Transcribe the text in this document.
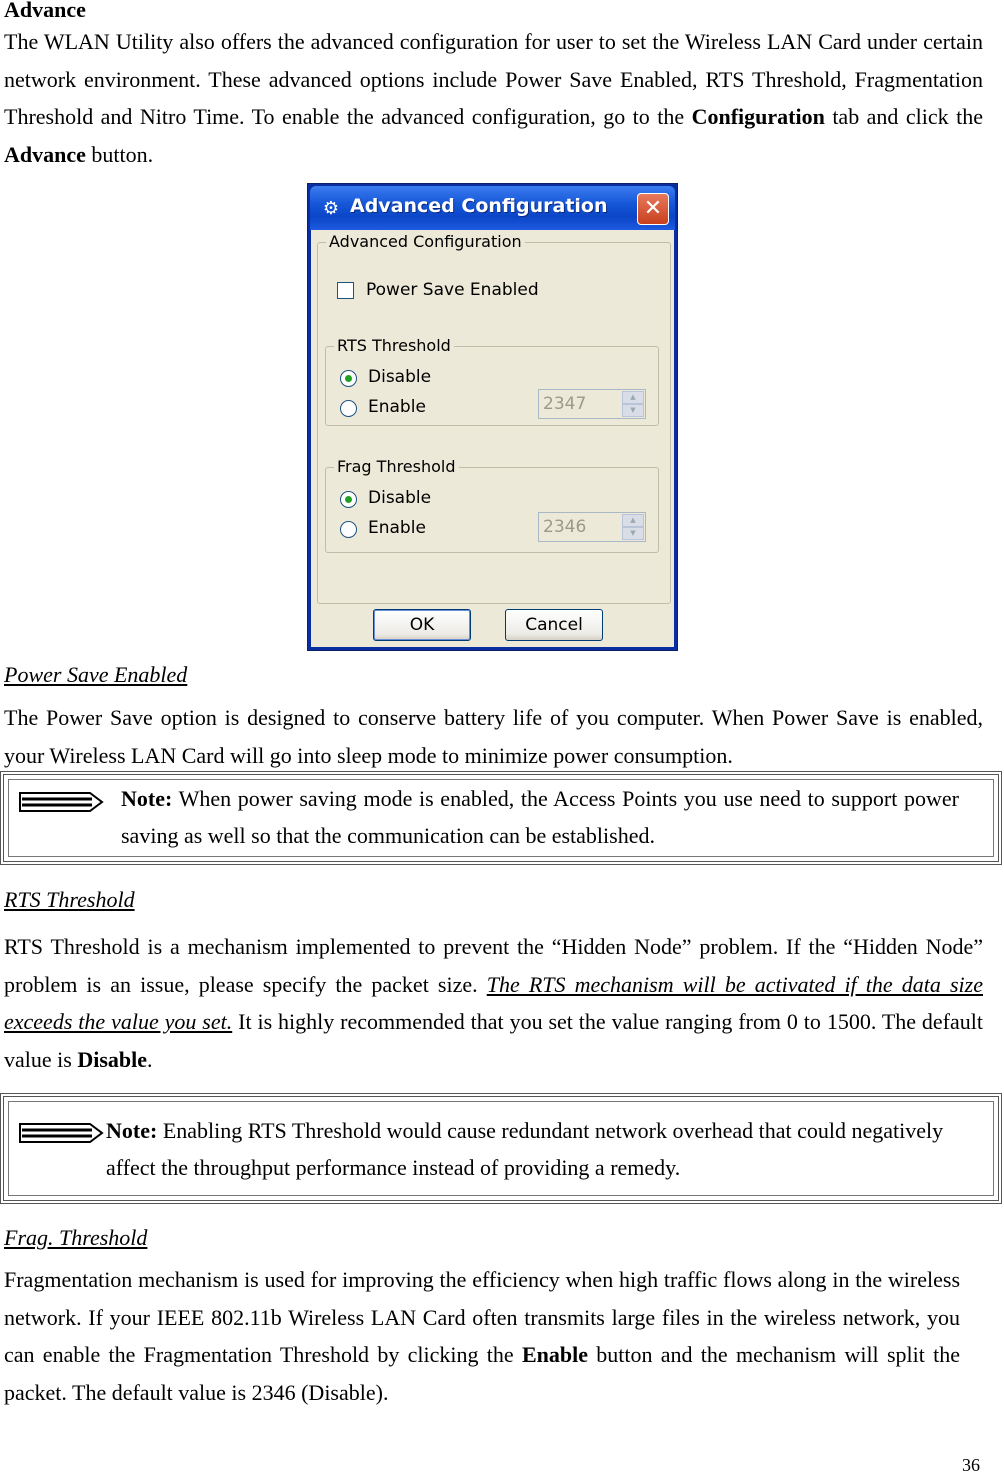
Advance
The WLAN Utility also offers the advanced configuration for user to set the Wireless LAN Card under certain network environment. These advanced options include Power Save Enabled, RTS Threshold, Fragmentation Threshold and Nitro Time. To enable the advanced configuration, go to the Configuration tab and click the Advance button.
⚙ Advanced Configuration	✕
Advanced Configuration
Power Save Enabled
RTS Threshold
Disable
Enable	2347	▲
▼
Frag Threshold
Disable
Enable	2346	▲
▼
OK	Cancel
Power Save Enabled
The Power Save option is designed to conserve battery life of you computer. When Power Save is enabled, your Wireless LAN Card will go into sleep mode to minimize power consumption.
Note: When power saving mode is enabled, the Access Points you use need to support power saving as well so that the communication can be established.
RTS Threshold
RTS Threshold is a mechanism implemented to prevent the “Hidden Node” problem. If the “Hidden Node” problem is an issue, please specify the packet size. The RTS mechanism will be activated if the data size exceeds the value you set. It is highly recommended that you set the value ranging from 0 to 1500. The default value is Disable.
Note: Enabling RTS Threshold would cause redundant network overhead that could negatively affect the throughput performance instead of providing a remedy.
Frag. Threshold
Fragmentation mechanism is used for improving the efficiency when high traffic flows along in the wireless network. If your IEEE 802.11b Wireless LAN Card often transmits large files in the wireless network, you can enable the Fragmentation Threshold by clicking the Enable button and the mechanism will split the packet. The default value is 2346 (Disable).
36
